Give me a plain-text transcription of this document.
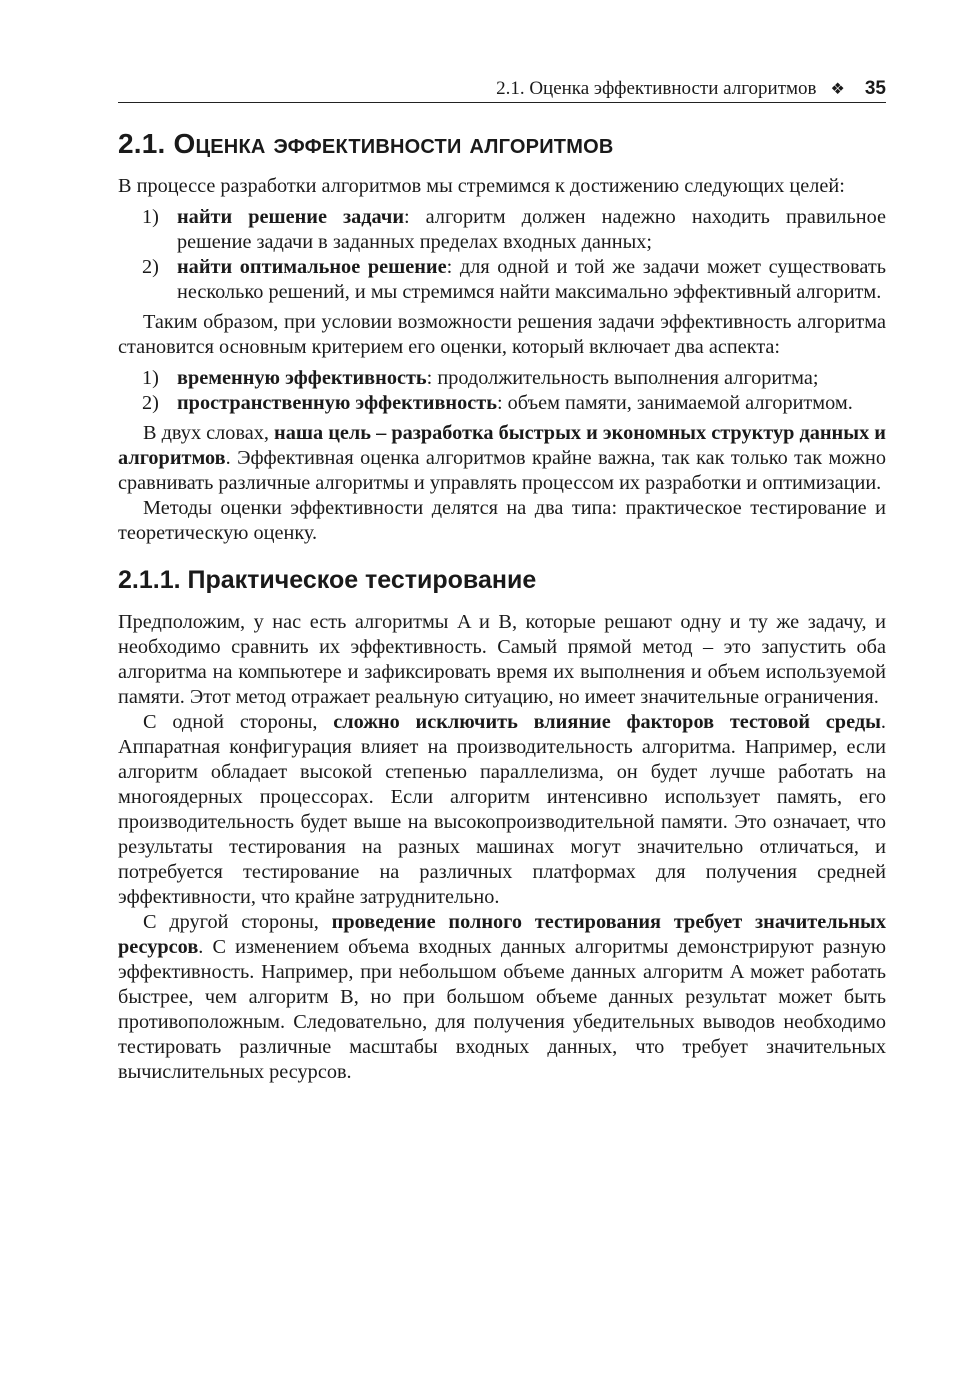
2.1. Оценка эффективности алгоритмов ❖ 35
2.1. Оценка эффективности алгоритмов

В процессе разработки алгоритмов мы стремимся к достижению следующих целей:

1) найти решение задачи: алгоритм должен надежно находить правильное решение задачи в заданных пределах входных данных;
2) найти оптимальное решение: для одной и той же задачи может существовать несколько решений, и мы стремимся найти максимально эффективный алгоритм.

Таким образом, при условии возможности решения задачи эффективность алгоритма становится основным критерием его оценки, который включает два аспекта:

1) временную эффективность: продолжительность выполнения алгоритма;
2) пространственную эффективность: объем памяти, занимаемой алгоритмом.

В двух словах, наша цель – разработка быстрых и экономных структур данных и алгоритмов. Эффективная оценка алгоритмов крайне важна, так как только так можно сравнивать различные алгоритмы и управлять процессом их разработки и оптимизации.

Методы оценки эффективности делятся на два типа: практическое тестирование и теоретическую оценку.

2.1.1. Практическое тестирование

Предположим, у нас есть алгоритмы A и B, которые решают одну и ту же задачу, и необходимо сравнить их эффективность. Самый прямой метод – это запустить оба алгоритма на компьютере и зафиксировать время их выполнения и объем используемой памяти. Этот метод отражает реальную ситуацию, но имеет значительные ограничения.

С одной стороны, сложно исключить влияние факторов тестовой среды. Аппаратная конфигурация влияет на производительность алгоритма. Например, если алгоритм обладает высокой степенью параллелизма, он будет лучше работать на многоядерных процессорах. Если алгоритм интенсивно использует память, его производительность будет выше на высокопроизводительной памяти. Это означает, что результаты тестирования на разных машинах могут значительно отличаться, и потребуется тестирование на различных платформах для получения средней эффективности, что крайне затруднительно.

С другой стороны, проведение полного тестирования требует значительных ресурсов. С изменением объема входных данных алгоритмы демонстрируют разную эффективность. Например, при небольшом объеме данных алгоритм A может работать быстрее, чем алгоритм B, но при большом объеме данных результат может быть противоположным. Следовательно, для получения убедительных выводов необходимо тестировать различные масштабы входных данных, что требует значительных вычислительных ресурсов.
